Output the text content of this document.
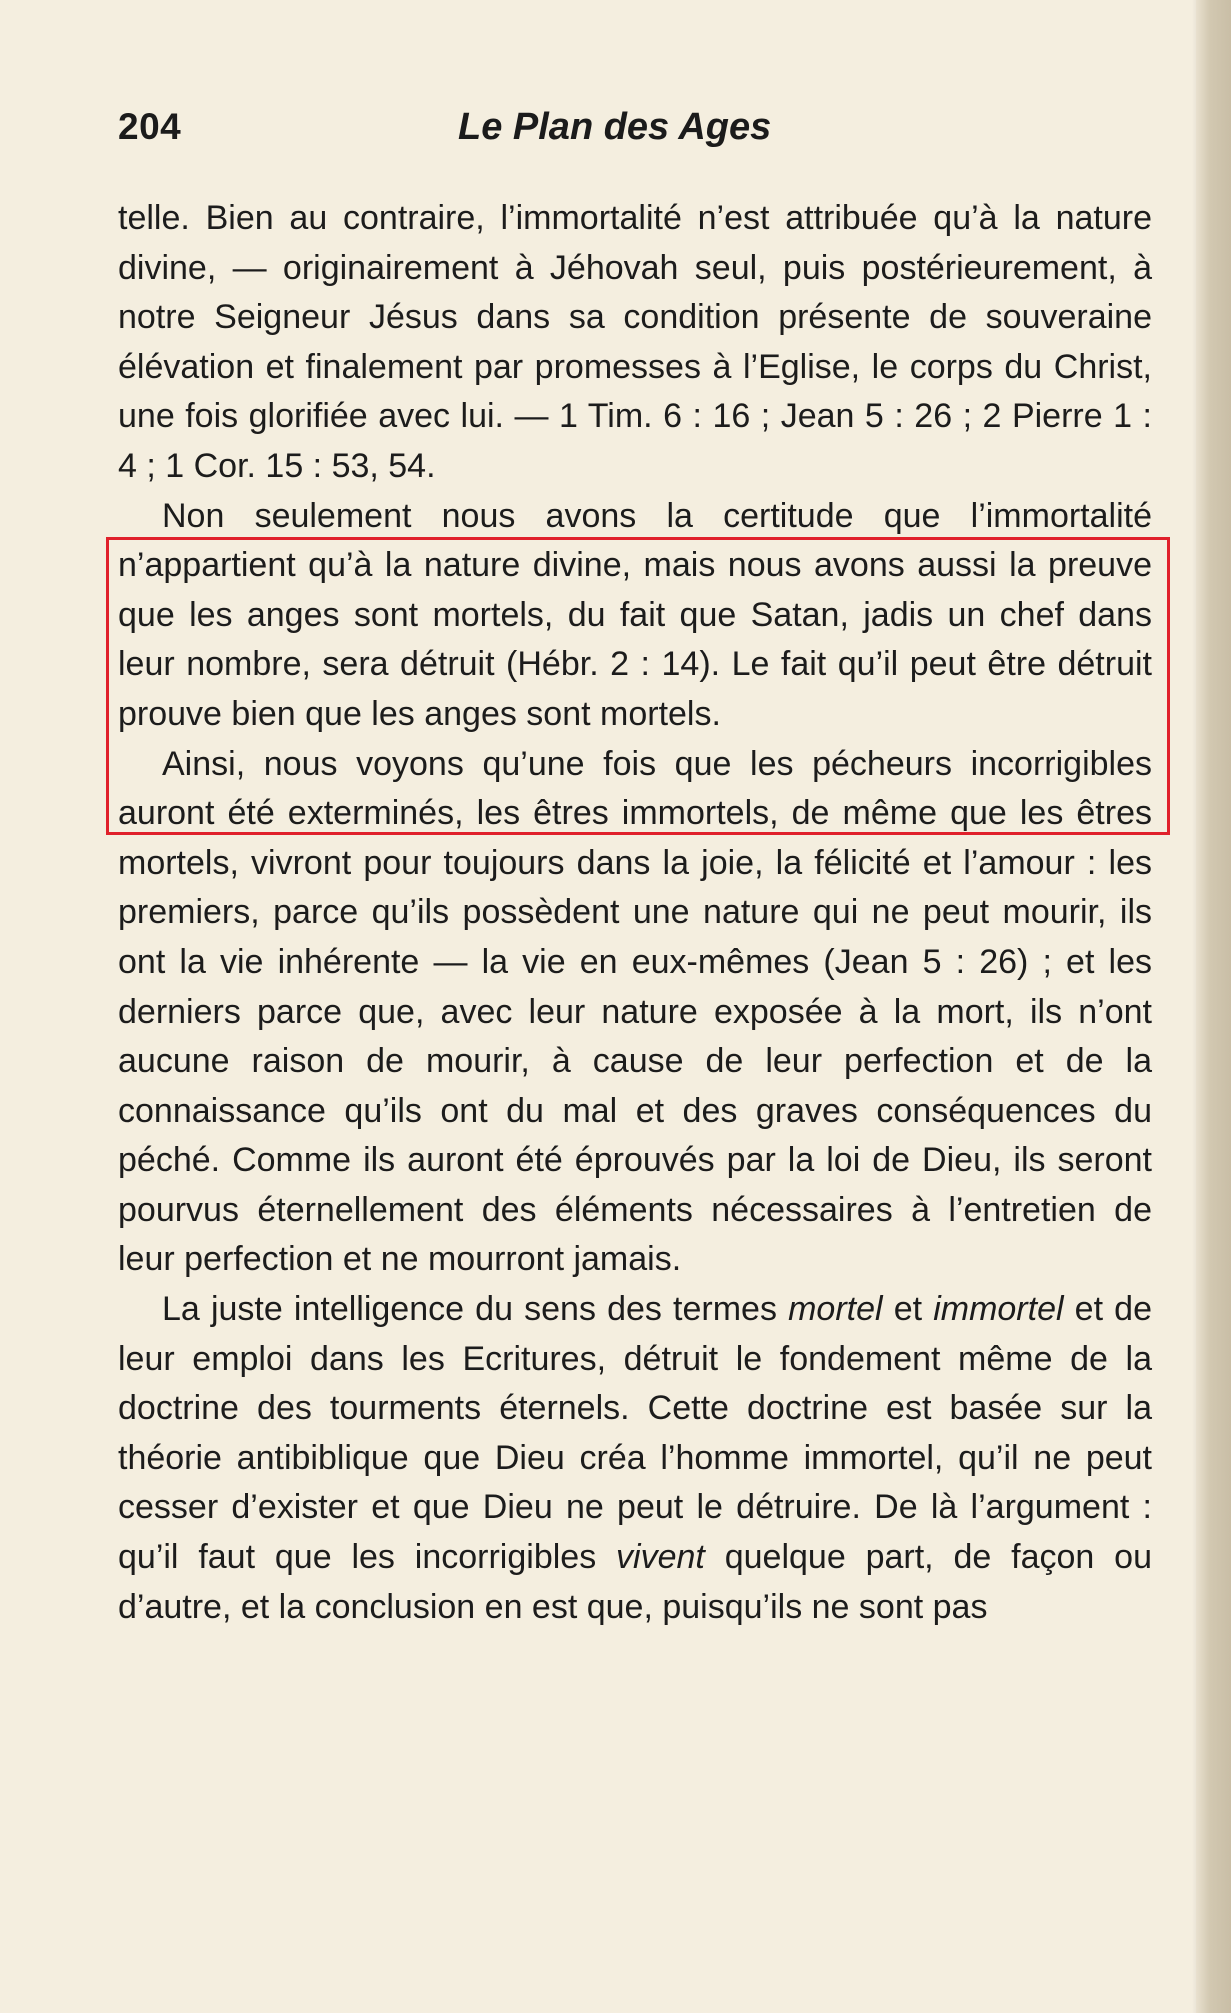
204	Le Plan des Ages

telle. Bien au contraire, l’immortalité n’est attribuée qu’à la nature divine, — originairement à Jéhovah seul, puis postérieurement, à notre Seigneur Jésus dans sa condition présente de souveraine élévation et finalement par promesses à l’Eglise, le corps du Christ, une fois glorifiée avec lui. — 1 Tim. 6 : 16 ; Jean 5 : 26 ; 2 Pierre 1 : 4 ; 1 Cor. 15 : 53, 54.

Non seulement nous avons la certitude que l’immortalité n’appartient qu’à la nature divine, mais nous avons aussi la preuve que les anges sont mortels, du fait que Satan, jadis un chef dans leur nombre, sera détruit (Hébr. 2 : 14). Le fait qu’il peut être détruit prouve bien que les anges sont mortels.

Ainsi, nous voyons qu’une fois que les pécheurs incorrigibles auront été exterminés, les êtres immortels, de même que les êtres mortels, vivront pour toujours dans la joie, la félicité et l’amour : les premiers, parce qu’ils possèdent une nature qui ne peut mourir, ils ont la vie inhérente — la vie en eux-mêmes (Jean 5 : 26) ; et les derniers parce que, avec leur nature exposée à la mort, ils n’ont aucune raison de mourir, à cause de leur perfection et de la connaissance qu’ils ont du mal et des graves conséquences du péché. Comme ils auront été éprouvés par la loi de Dieu, ils seront pourvus éternellement des éléments nécessaires à l’entretien de leur perfection et ne mourront jamais.

La juste intelligence du sens des termes mortel et immortel et de leur emploi dans les Ecritures, détruit le fondement même de la doctrine des tourments éternels. Cette doctrine est basée sur la théorie antibiblique que Dieu créa l’homme immortel, qu’il ne peut cesser d’exister et que Dieu ne peut le détruire. De là l’argument : qu’il faut que les incorrigibles vivent quelque part, de façon ou d’autre, et la conclusion en est que, puisqu’ils ne sont pas
